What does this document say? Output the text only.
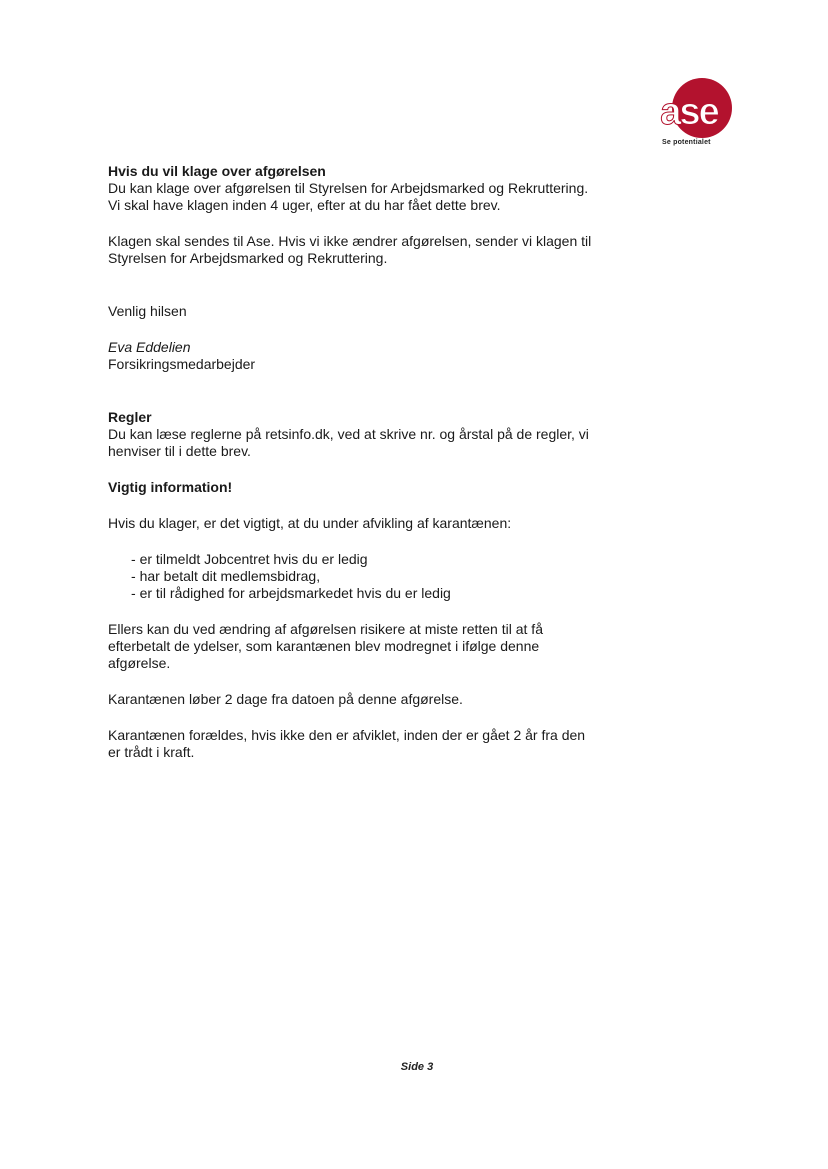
ase
Se potentialet

Hvis du vil klage over afgørelsen

Du kan klage over afgørelsen til Styrelsen for Arbejdsmarked og Rekruttering.

Vi skal have klagen inden 4 uger, efter at du har fået dette brev.

Klagen skal sendes til Ase. Hvis vi ikke ændrer afgørelsen, sender vi klagen til

Styrelsen for Arbejdsmarked og Rekruttering.

Venlig hilsen

Eva Eddelien

Forsikringsmedarbejder

Regler

Du kan læse reglerne på retsinfo.dk, ved at skrive nr. og årstal på de regler, vi

henviser til i dette brev.

Vigtig information!

Hvis du klager, er det vigtigt, at du under afvikling af karantænen:

- er tilmeldt Jobcentret hvis du er ledig
- har betalt dit medlemsbidrag,
- er til rådighed for arbejdsmarkedet hvis du er ledig

Ellers kan du ved ændring af afgørelsen risikere at miste retten til at få

efterbetalt de ydelser, som karantænen blev modregnet i ifølge denne

afgørelse.

Karantænen løber 2 dage fra datoen på denne afgørelse.

Karantænen forældes, hvis ikke den er afviklet, inden der er gået 2 år fra den

er trådt i kraft.

Side 3
